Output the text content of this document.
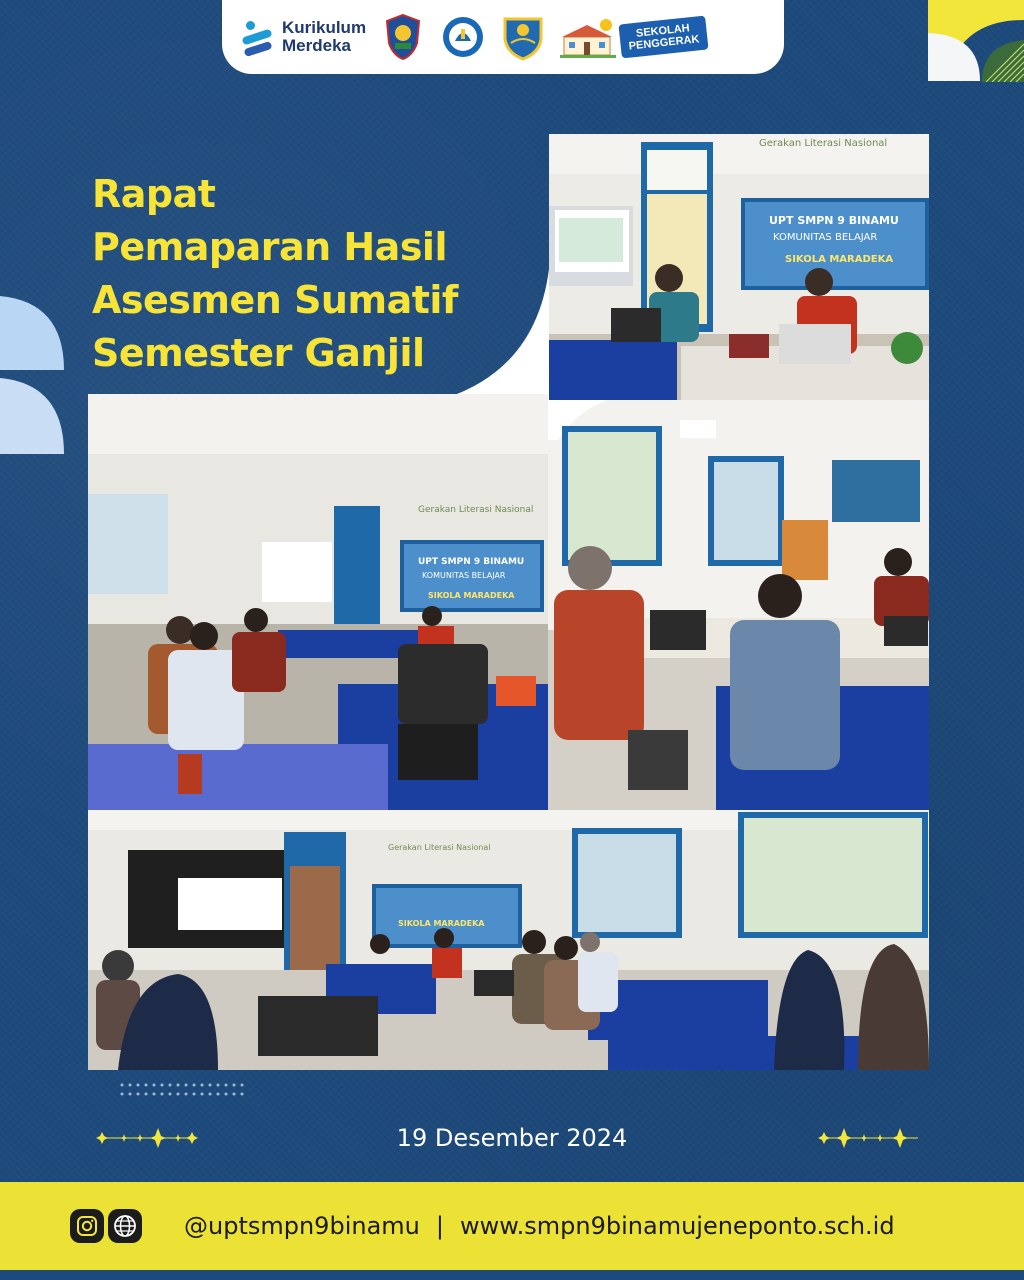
Kurikulum
Merdeka
SEKOLAH
PENGGERAK
Rapat
Pemaparan Hasil
Asesmen Sumatif
Semester Ganjil
UPT SMPN 9 BINAMU
KOMUNITAS BELAJAR
SIKOLA MARADEKA
Gerakan Literasi Nasional
UPT SMPN 9 BINAMU
KOMUNITAS BELAJAR
SIKOLA MARADEKA
Gerakan Literasi Nasional
SIKOLA MARADEKA
Gerakan Literasi Nasional
19 Desember 2024
@uptsmpn9binamu | www.smpn9binamujeneponto.sch.id
